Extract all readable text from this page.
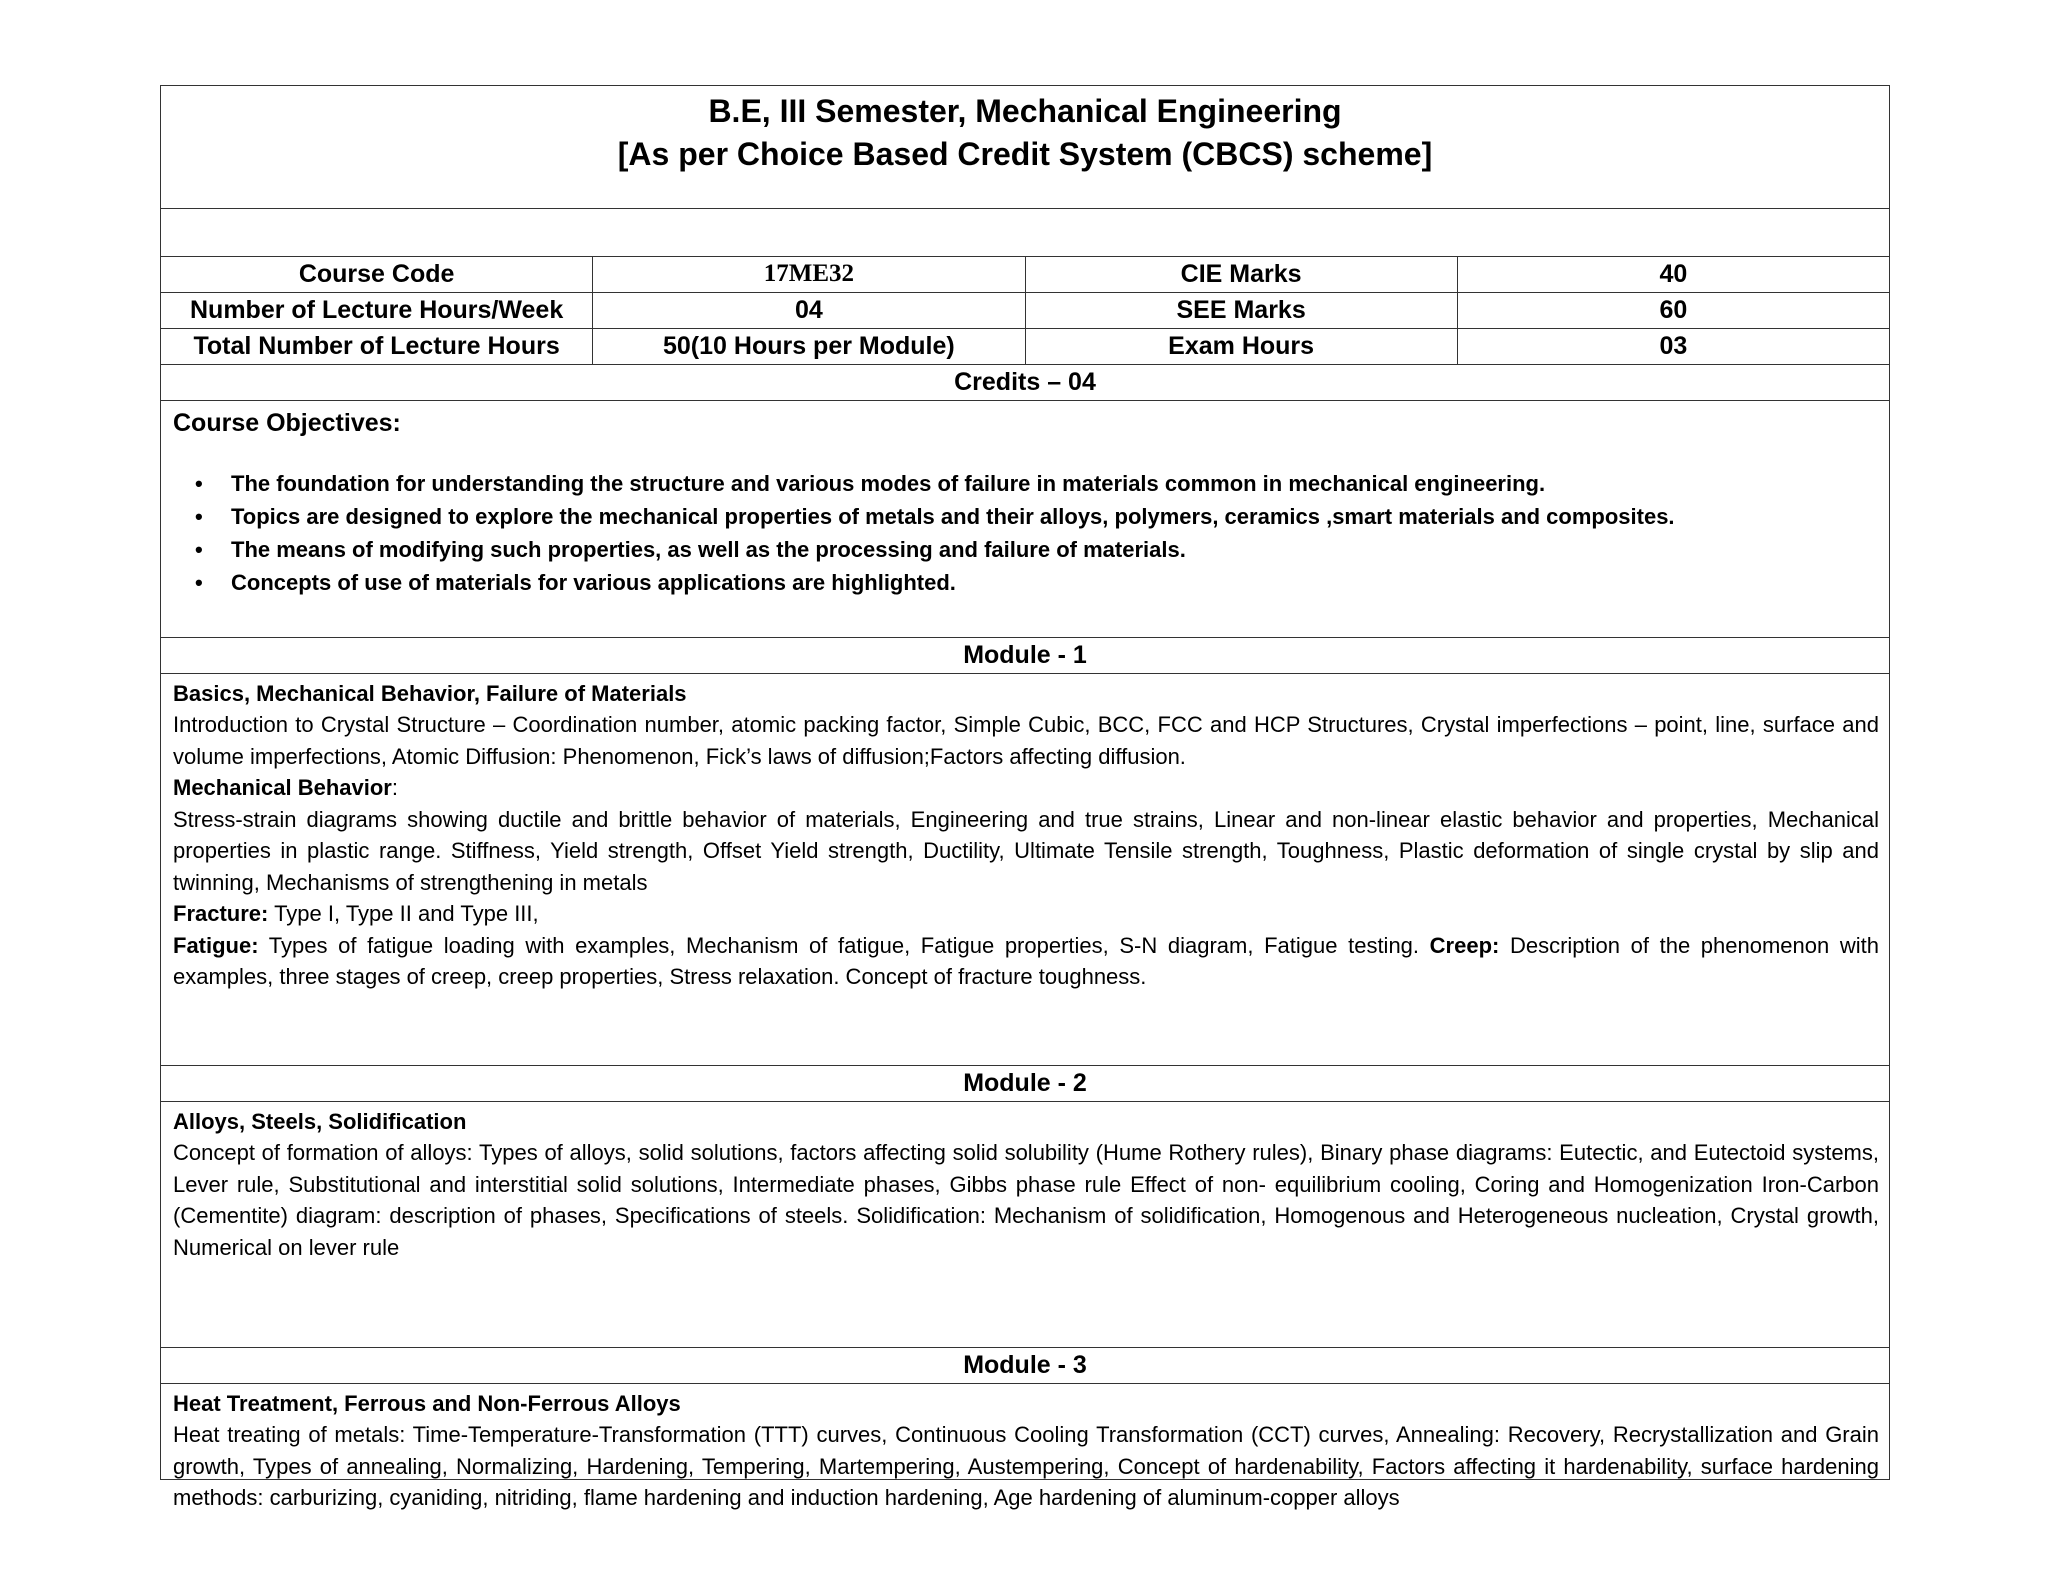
B.E, III Semester, Mechanical Engineering
[As per Choice Based Credit System (CBCS) scheme]
Course Code	17ME32	CIE Marks	40
Number of Lecture Hours/Week	04	SEE Marks	60
Total Number of Lecture Hours	50(10 Hours per Module)	Exam Hours	03
Credits – 04
Course Objectives:
• The foundation for understanding the structure and various modes of failure in materials common in mechanical engineering.
• Topics are designed to explore the mechanical properties of metals and their alloys, polymers, ceramics ,smart materials and composites.
• The means of modifying such properties, as well as the processing and failure of materials.
• Concepts of use of materials for various applications are highlighted.
Module - 1
Basics, Mechanical Behavior, Failure of Materials

Introduction to Crystal Structure – Coordination number, atomic packing factor, Simple Cubic, BCC, FCC and HCP Structures, Crystal imperfections – point, line, surface and volume imperfections, Atomic Diffusion: Phenomenon, Fick’s laws of diffusion;Factors affecting diffusion.

Mechanical Behavior:

Stress-strain diagrams showing ductile and brittle behavior of materials, Engineering and true strains, Linear and non-linear elastic behavior and properties, Mechanical properties in plastic range. Stiffness, Yield strength, Offset Yield strength, Ductility, Ultimate Tensile strength, Toughness, Plastic deformation of single crystal by slip and twinning, Mechanisms of strengthening in metals

Fracture: Type I, Type II and Type III,

Fatigue: Types of fatigue loading with examples, Mechanism of fatigue, Fatigue properties, S-N diagram, Fatigue testing. Creep: Description of the phenomenon with examples, three stages of creep, creep properties, Stress relaxation. Concept of fracture toughness.

Module - 2
Alloys, Steels, Solidification

Concept of formation of alloys: Types of alloys, solid solutions, factors affecting solid solubility (Hume Rothery rules), Binary phase diagrams: Eutectic, and Eutectoid systems, Lever rule, Substitutional and interstitial solid solutions, Intermediate phases, Gibbs phase rule Effect of non- equilibrium cooling, Coring and Homogenization Iron-Carbon (Cementite) diagram: description of phases, Specifications of steels. Solidification: Mechanism of solidification, Homogenous and Heterogeneous nucleation, Crystal growth, Numerical on lever rule

Module - 3
Heat Treatment, Ferrous and Non-Ferrous Alloys

Heat treating of metals: Time-Temperature-Transformation (TTT) curves, Continuous Cooling Transformation (CCT) curves, Annealing: Recovery, Recrystallization and Grain growth, Types of annealing, Normalizing, Hardening, Tempering, Martempering, Austempering, Concept of hardenability, Factors affecting it hardenability, surface hardening methods: carburizing, cyaniding, nitriding, flame hardening and induction hardening, Age hardening of aluminum-copper alloys
